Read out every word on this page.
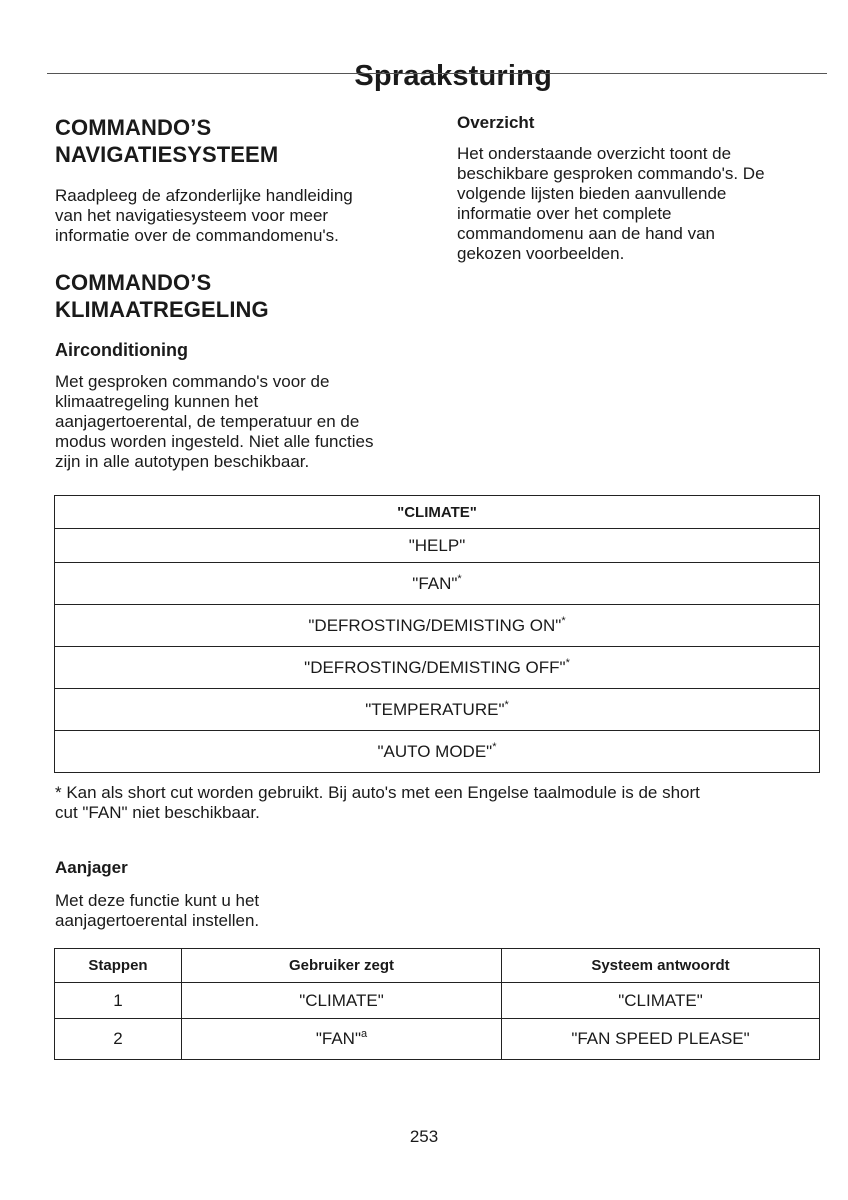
Spraaksturing
COMMANDO’S
NAVIGATIESYSTEEM

Raadpleeg de afzonderlijke handleiding
van het navigatiesysteem voor meer
informatie over de commandomenu's.

COMMANDO’S
KLIMAATREGELING
Airconditioning

Met gesproken commando's voor de
klimaatregeling kunnen het
aanjagertoerental, de temperatuur en de
modus worden ingesteld. Niet alle functies
zijn in alle autotypen beschikbaar.

Overzicht

Het onderstaande overzicht toont de
beschikbare gesproken commando's. De
volgende lijsten bieden aanvullende
informatie over het complete
commandomenu aan de hand van
gekozen voorbeelden.

"CLIMATE"
"HELP"
"FAN"*
"DEFROSTING/DEMISTING ON"*
"DEFROSTING/DEMISTING OFF"*
"TEMPERATURE"*
"AUTO MODE"*

* Kan als short cut worden gebruikt. Bij auto's met een Engelse taalmodule is de short
cut "FAN" niet beschikbaar.

Aanjager

Met deze functie kunt u het
aanjagertoerental instellen.

Stappen	Gebruiker zegt	Systeem antwoordt
1	"CLIMATE"	"CLIMATE"
2	"FAN"$^a$	"FAN SPEED PLEASE"
253
